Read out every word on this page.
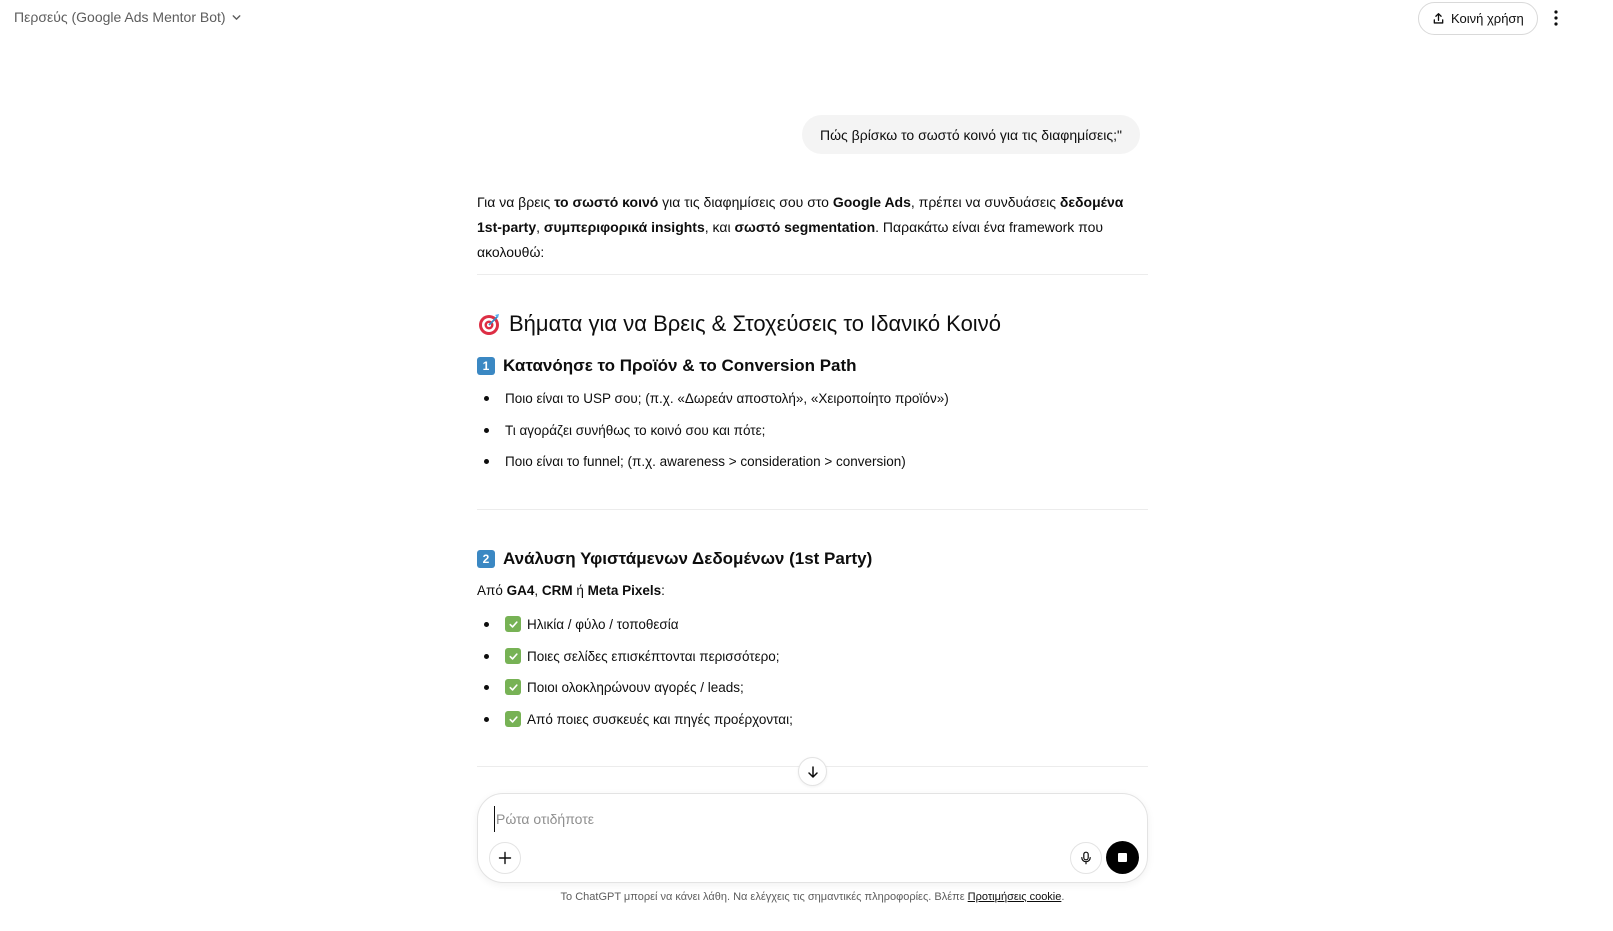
Περσεύς (Google Ads Mentor Bot)	Κοινή χρήση
Πώς βρίσκω το σωστό κοινό για τις διαφημίσεις;"
Για να βρεις το σωστό κοινό για τις διαφημίσεις σου στο Google Ads, πρέπει να συνδυάσεις δεδομένα 1st-party, συμπεριφορικά insights, και σωστό segmentation. Παρακάτω είναι ένα framework που ακολουθώ:
Βήματα για να Βρεις & Στοχεύσεις το Ιδανικό Κοινό
1 Κατανόησε το Προϊόν & το Conversion Path
Ποιο είναι το USP σου; (π.χ. «Δωρεάν αποστολή», «Χειροποίητο προϊόν»)
Τι αγοράζει συνήθως το κοινό σου και πότε;
Ποιο είναι το funnel; (π.χ. awareness > consideration > conversion)
2 Ανάλυση Υφιστάμενων Δεδομένων (1st Party)
Από GA4, CRM ή Meta Pixels:
Ηλικία / φύλο / τοποθεσία
Ποιες σελίδες επισκέπτονται περισσότερο;
Ποιοι ολοκληρώνουν αγορές / leads;
Από ποιες συσκευές και πηγές προέρχονται;
Ρώτα οτιδήποτε
Το ChatGPT μπορεί να κάνει λάθη. Να ελέγχεις τις σημαντικές πληροφορίες. Βλέπε Προτιμήσεις cookie.
